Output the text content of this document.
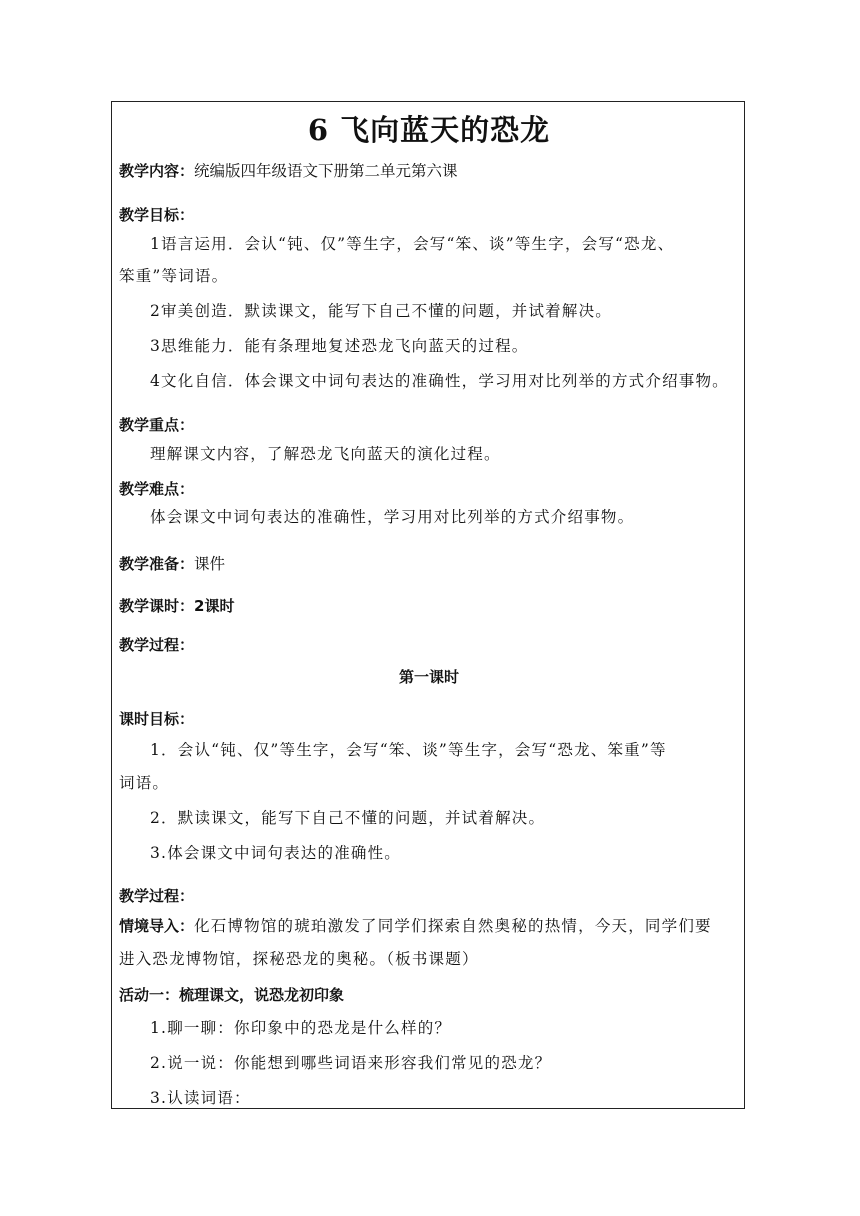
6 飞向蓝天的恐龙
教学内容：统编版四年级语文下册第二单元第六课
教学目标：
1语言运用．会认“钝、仅”等生字，会写“笨、谈”等生字，会写“恐龙、
笨重”等词语。
2审美创造．默读课文，能写下自己不懂的问题，并试着解决。
3思维能力．能有条理地复述恐龙飞向蓝天的过程。
4文化自信．体会课文中词句表达的准确性，学习用对比列举的方式介绍事物。
教学重点：
理解课文内容，了解恐龙飞向蓝天的演化过程。
教学难点：
体会课文中词句表达的准确性，学习用对比列举的方式介绍事物。
教学准备：课件
教学课时：2课时
教学过程：
第一课时
课时目标：
1．会认“钝、仅”等生字，会写“笨、谈”等生字，会写“恐龙、笨重”等
词语。
2．默读课文，能写下自己不懂的问题，并试着解决。
3.体会课文中词句表达的准确性。
教学过程：
情境导入：化石博物馆的琥珀激发了同学们探索自然奥秘的热情，今天，同学们要
进入恐龙博物馆，探秘恐龙的奥秘。（板书课题）
活动一：梳理课文，说恐龙初印象
1.聊一聊：你印象中的恐龙是什么样的？
2.说一说：你能想到哪些词语来形容我们常见的恐龙？
3.认读词语：
